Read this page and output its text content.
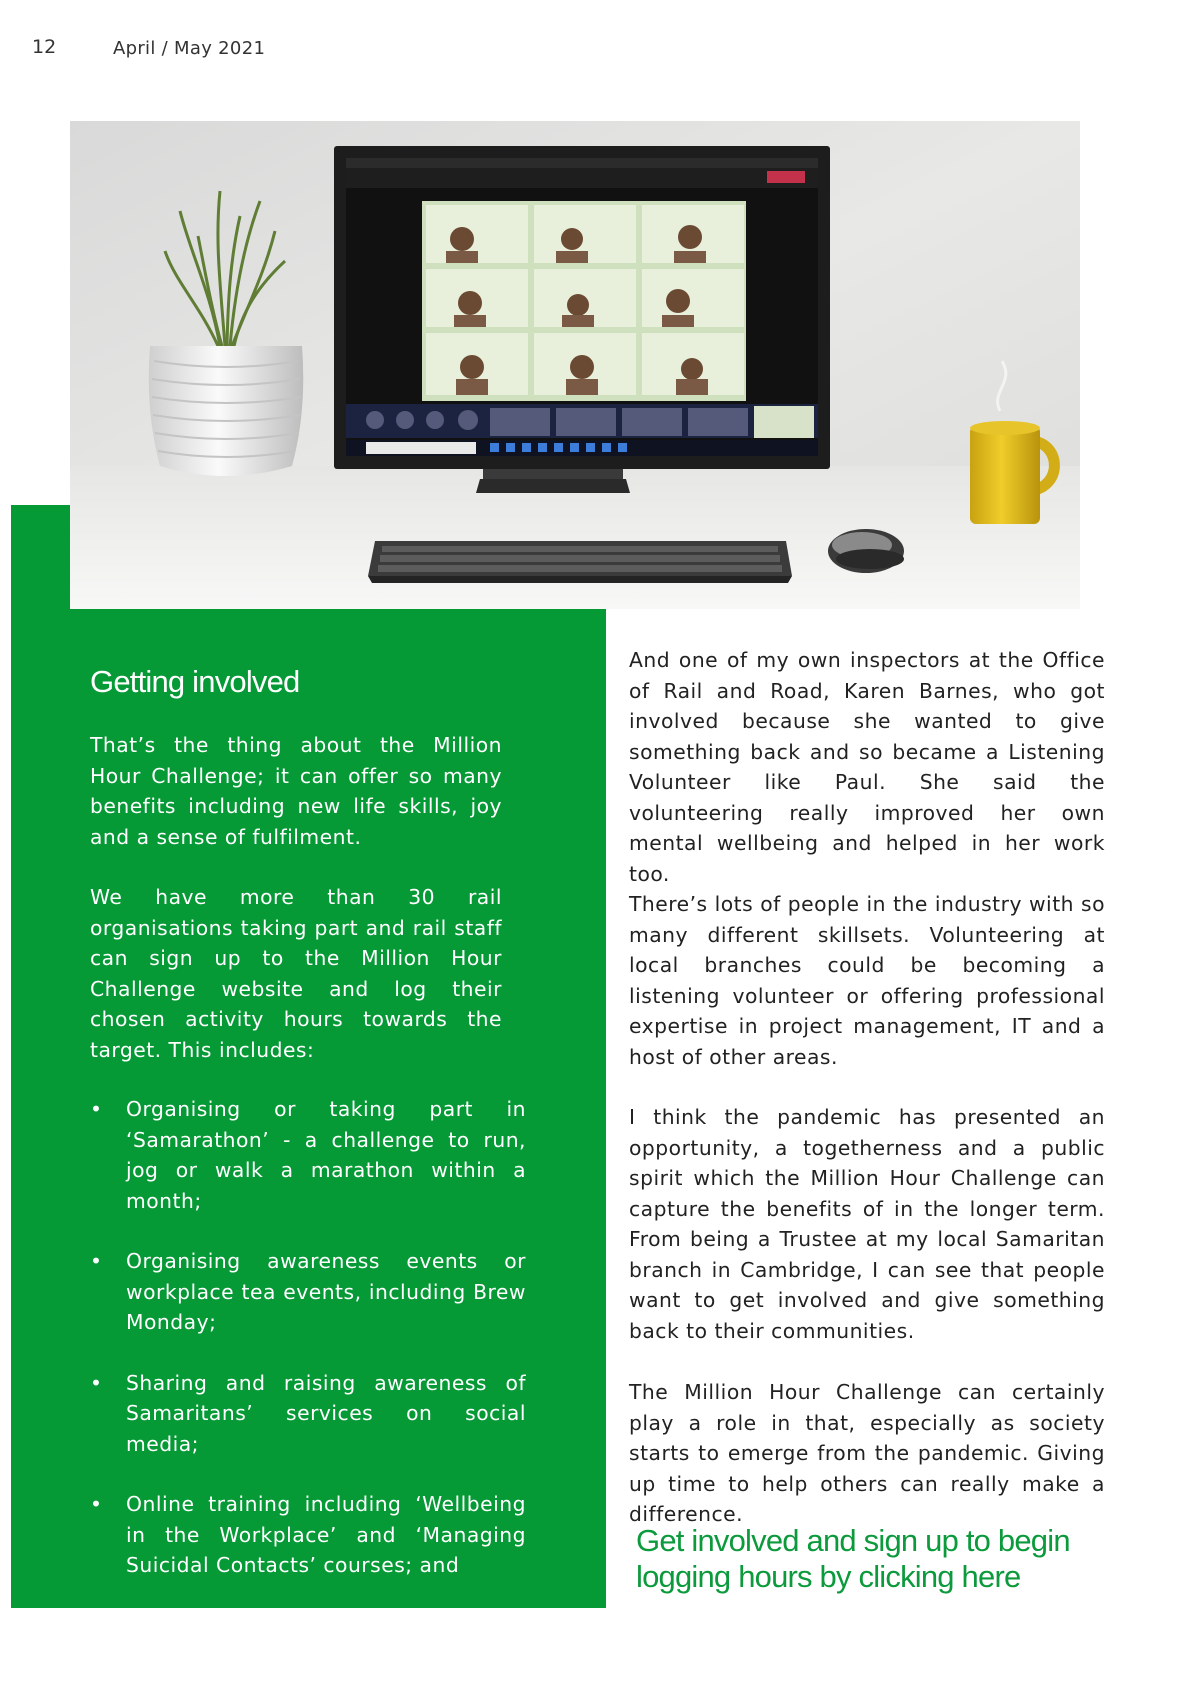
12	April / May 2021
Getting involved

That’s the thing about the Million Hour Challenge; it can offer so many benefits including new life skills, joy and a sense of fulfilment.

We have more than 30 rail organisations taking part and rail staff can sign up to the Million Hour Challenge website and log their chosen activity hours towards the target. This includes:

• Organising or taking part in ‘Samarathon’ - a challenge to run, jog or walk a marathon within a month;
• Organising awareness events or workplace tea events, including Brew Monday;
• Sharing and raising awareness of Samaritans’ services on social media;
• Online training including ‘Wellbeing in the Workplace’ and ‘Managing Suicidal Contacts’ courses; and
• Volunteering with local branches.

And one of my own inspectors at the Office of Rail and Road, Karen Barnes, who got involved because she wanted to give something back and so became a Listening Volunteer like Paul. She said the volunteering really improved her own mental wellbeing and helped in her work too.

There’s lots of people in the industry with so many different skillsets. Volunteering at local branches could be becoming a listening volunteer or offering professional expertise in project management, IT and a host of other areas.

I think the pandemic has presented an opportunity, a togetherness and a public spirit which the Million Hour Challenge can capture the benefits of in the longer term. From being a Trustee at my local Samaritan branch in Cambridge, I can see that people want to get involved and give something back to their communities.

The Million Hour Challenge can certainly play a role in that, especially as society starts to emerge from the pandemic. Giving up time to help others can really make a difference.

Get involved and sign up to begin logging hours by clicking here
